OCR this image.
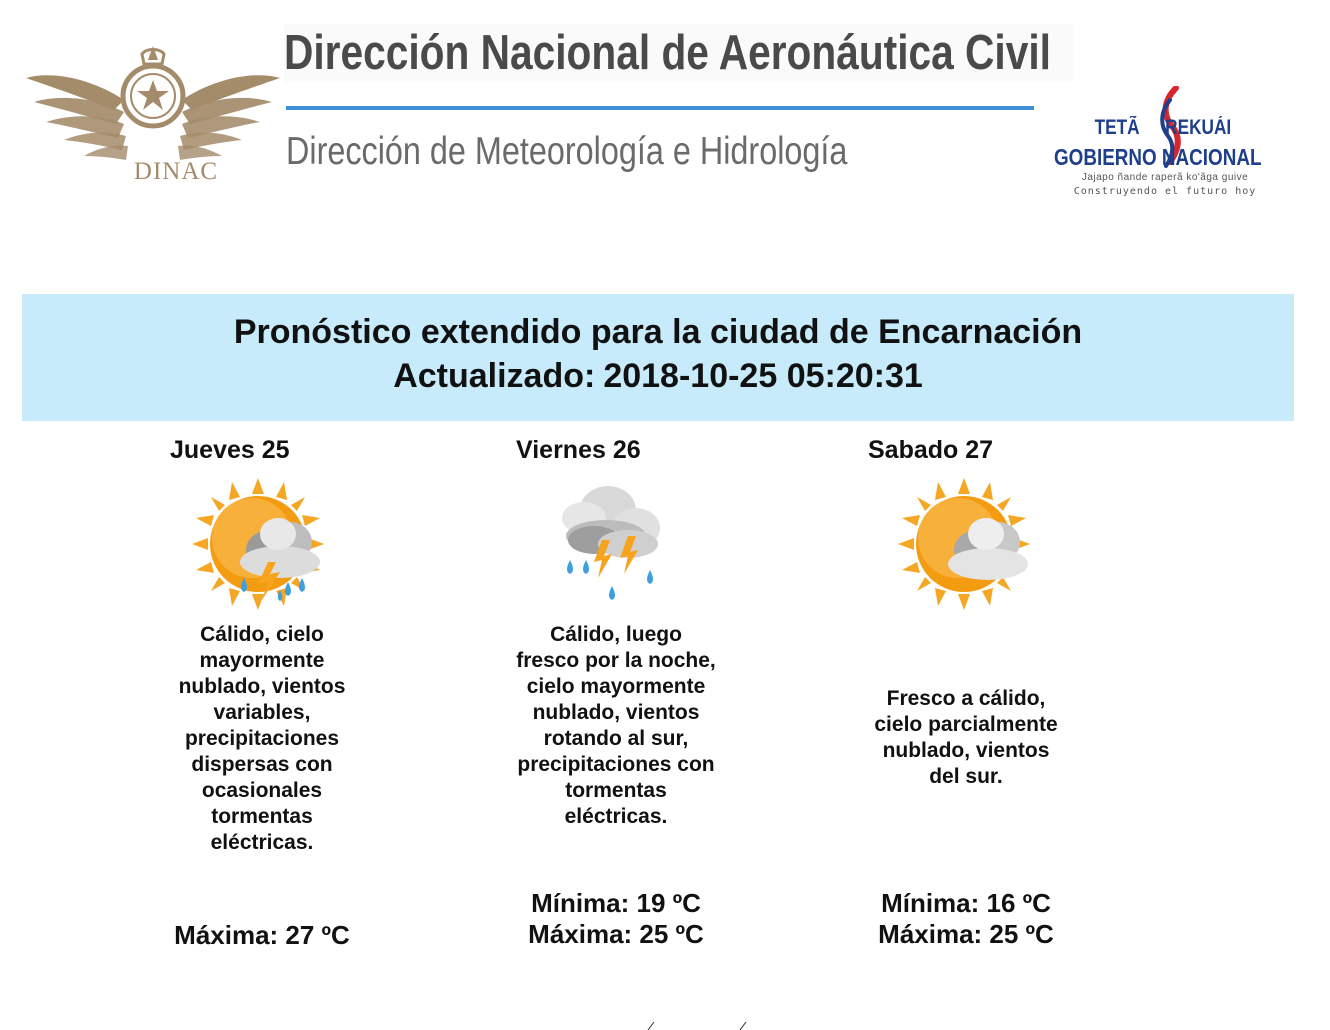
DINAC
Dirección Nacional de Aeronáutica Civil
Dirección de Meteorología e Hidrología
TETÃ REKUÁI
GOBIERNO NACIONAL
Jajapo ñande raperã ko'ãga guive
Construyendo el futuro hoy
Pronóstico extendido para la ciudad de Encarnación
Actualizado: 2018-10-25 05:20:31
Jueves 25
Cálido, cielo mayormente nublado, vientos variables, precipitaciones dispersas con ocasionales tormentas eléctricas.
Máxima: 27 ºC
Viernes 26
Cálido, luego fresco por la noche, cielo mayormente nublado, vientos rotando al sur, precipitaciones con tormentas eléctricas.
Mínima: 19 ºC
Máxima: 25 ºC
Sabado 27
Fresco a cálido, cielo parcialmente nublado, vientos del sur.
Mínima: 16 ºC
Máxima: 25 ºC
